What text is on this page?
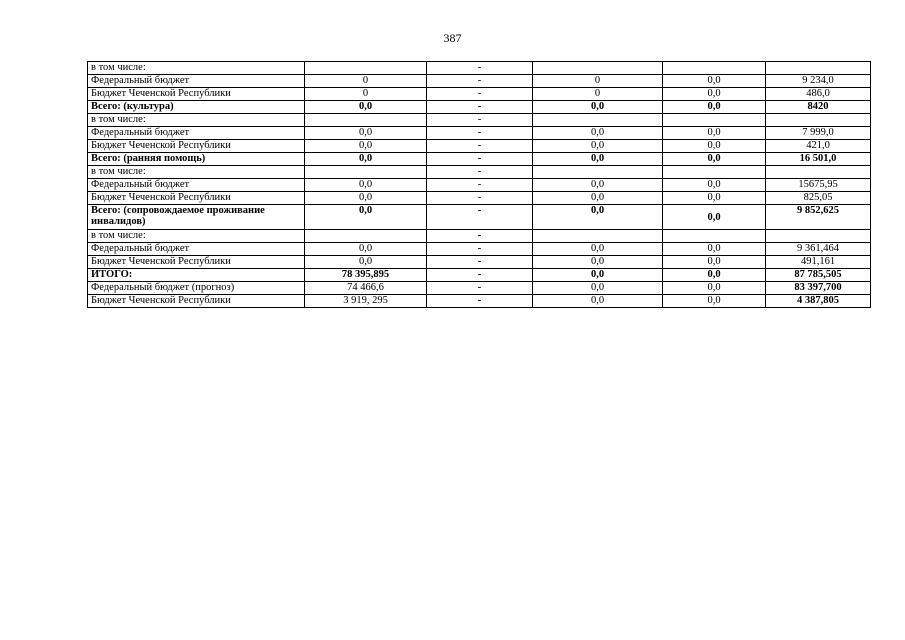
387
в том числе:		-			
Федеральный бюджет	0	-	0	0,0	9 234,0
Бюджет Чеченской Республики	0	-	0	0,0	486,0
Всего: (культура)	0,0	-	0,0	0,0	8420
в том числе:		-			
Федеральный бюджет	0,0	-	0,0	0,0	7 999,0
Бюджет Чеченской Республики	0,0	-	0,0	0,0	421,0
Всего: (ранняя помощь)	0,0	-	0,0	0,0	16 501,0
в том числе:		-			
Федеральный бюджет	0,0	-	0,0	0,0	15675,95
Бюджет Чеченской Республики	0,0	-	0,0	0,0	825,05
Всего: (сопровождаемое проживание инвалидов)	0,0	-	0,0	0,0	9 852,625
в том числе:		-			
Федеральный бюджет	0,0	-	0,0	0,0	9 361,464
Бюджет Чеченской Республики	0,0	-	0,0	0,0	491,161
ИТОГО:	78 395,895	-	0,0	0,0	87 785,505
Федеральный бюджет (прогноз)	74 466,6	-	0,0	0,0	83 397,700
Бюджет Чеченской Республики	3 919, 295	-	0,0	0,0	4 387,805
